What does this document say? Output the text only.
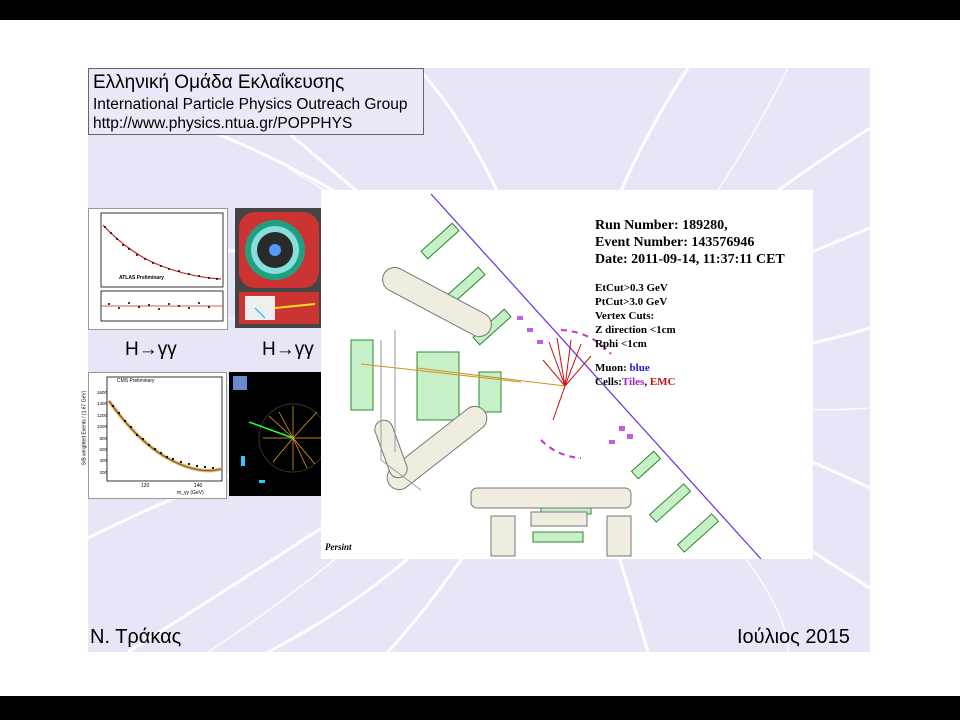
Ελληνική Ομάδα Εκλαΐκευσης
International Particle Physics Outreach Group
http://www.physics.ntua.gr/POPPHYS
ATLAS Preliminary
H→γγ	H→γγ
CMS Preliminary
S/B weighted Events / (1.67 GeV)	1600
1400
1200
1000
800
600
400
200
120	140
m_γγ (GeV)
Run Number: 189280,
Event Number: 143576946
Date: 2011-09-14, 11:37:11 CET
EtCut>0.3 GeV
PtCut>3.0 GeV
Vertex Cuts:
Z direction <1cm
Rphi <1cm
Muon: blue
Cells:Tiles, EMC
Persint
Ν. Τράκας	Ιούλιος 2015
